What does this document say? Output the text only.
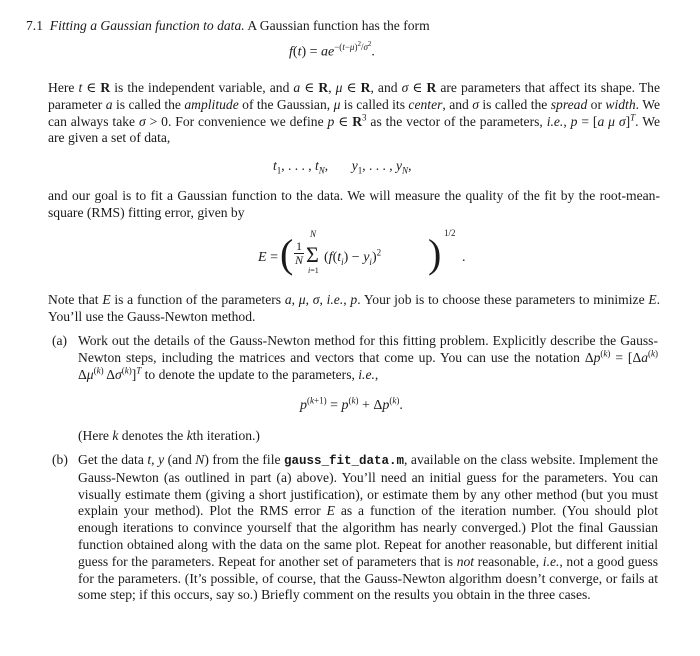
7.1 Fitting a Gaussian function to data. A Gaussian function has the form
$f(t) = ae^{-(t-\mu)^2/\sigma^2}$.

Here t ∈ R is the independent variable, and a ∈ R, μ ∈ R, and σ ∈ R are parameters that affect its shape. The parameter a is called the amplitude of the Gaussian, μ is called its center, and σ is called the spread or width. We can always take σ > 0. For convenience we define p ∈ $R^3$ as the vector of the parameters, i.e., p = [a μ σ]$^T$. We are given a set of data,

$t_1$, . . . , $t_N$,       $y_1$, . . . , $y_N$,

and our goal is to fit a Gaussian function to the data. We will measure the quality of the fit by the root-mean-square (RMS) fitting error, given by

E = ( $\frac{1}{N}$
N
Σ
i=1
$(f(t_i) - y_i)^2$ ) 1/2
.

Note that E is a function of the parameters a, μ, σ, i.e., p. Your job is to choose these parameters to minimize E. You’ll use the Gauss-Newton method.

(a) Work out the details of the Gauss-Newton method for this fitting problem. Explicitly describe the Gauss-Newton steps, including the matrices and vectors that come up. You can use the notation $\Delta p^{(k)} = [\Delta a^{(k)}$ $\Delta\mu^{(k)}$ $\Delta\sigma^{(k)}]^T$ to denote the update to the parameters, i.e.,

$p^{(k+1)} = p^{(k)} + \Delta p^{(k)}$.
(Here k denotes the kth iteration.)
(b) Get the data t, y (and N) from the file gauss_fit_data.m, available on the class website. Implement the Gauss-Newton (as outlined in part (a) above). You’ll need an initial guess for the parameters. You can visually estimate them (giving a short justification), or estimate them by any other method (but you must explain your method). Plot the RMS error E as a function of the iteration number. (You should plot enough iterations to convince yourself that the algorithm has nearly converged.) Plot the final Gaussian function obtained along with the data on the same plot. Repeat for another reasonable, but different initial guess for the parameters. Repeat for another set of parameters that is not reasonable, i.e., not a good guess for the parameters. (It’s possible, of course, that the Gauss-Newton algorithm doesn’t converge, or fails at some step; if this occurs, say so.) Briefly comment on the results you obtain in the three cases.
